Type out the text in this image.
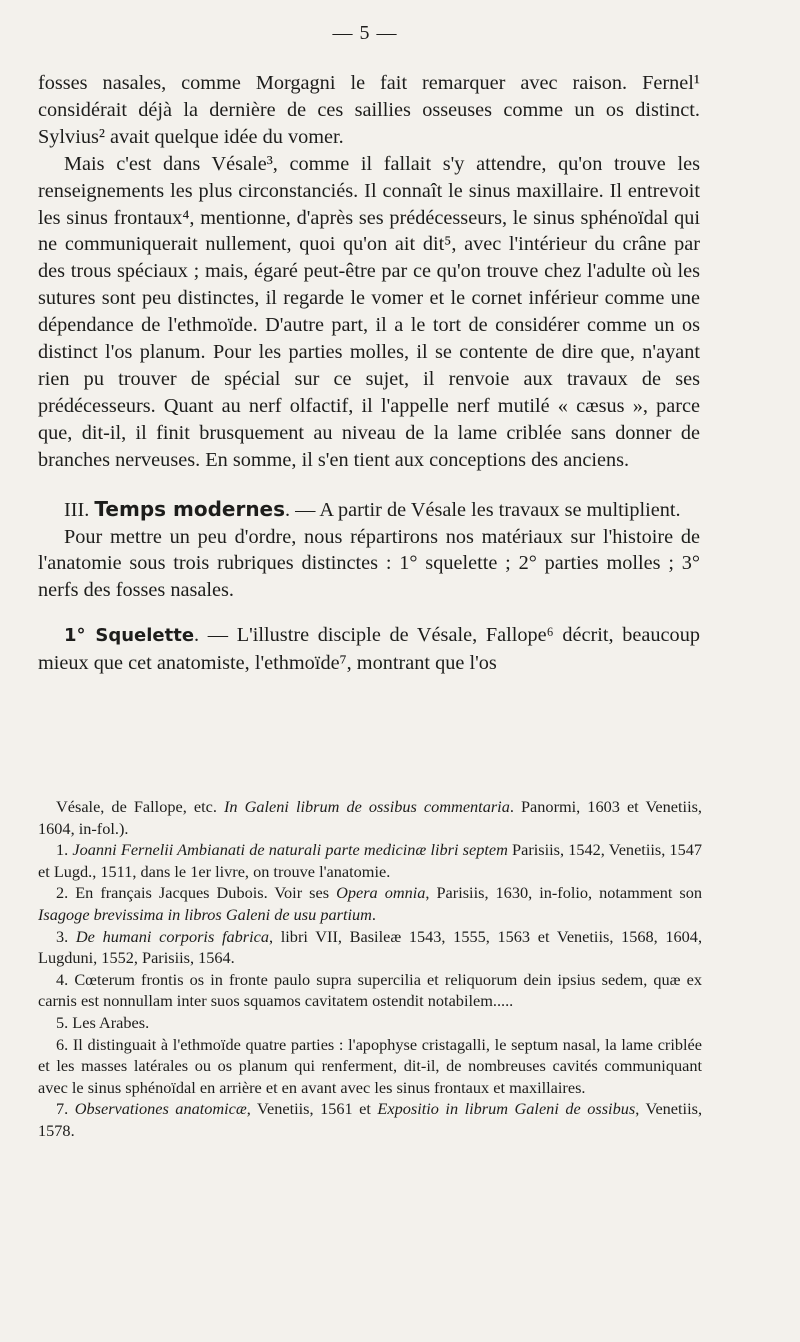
— 5 —

fosses nasales, comme Morgagni le fait remarquer avec raison. Fernel¹ considérait déjà la dernière de ces saillies osseuses comme un os distinct. Sylvius² avait quelque idée du vomer.

Mais c'est dans Vésale³, comme il fallait s'y attendre, qu'on trouve les renseignements les plus circonstanciés. Il connaît le sinus maxillaire. Il entrevoit les sinus frontaux⁴, mentionne, d'après ses prédécesseurs, le sinus sphénoïdal qui ne communiquerait nullement, quoi qu'on ait dit⁵, avec l'intérieur du crâne par des trous spéciaux ; mais, égaré peut-être par ce qu'on trouve chez l'adulte où les sutures sont peu distinctes, il regarde le vomer et le cornet inférieur comme une dépendance de l'ethmoïde. D'autre part, il a le tort de considérer comme un os distinct l'os planum. Pour les parties molles, il se contente de dire que, n'ayant rien pu trouver de spécial sur ce sujet, il renvoie aux travaux de ses prédécesseurs. Quant au nerf olfactif, il l'appelle nerf mutilé « cæsus », parce que, dit-il, il finit brusquement au niveau de la lame criblée sans donner de branches nerveuses. En somme, il s'en tient aux conceptions des anciens.

III. Temps modernes. — A partir de Vésale les travaux se multiplient.

Pour mettre un peu d'ordre, nous répartirons nos matériaux sur l'histoire de l'anatomie sous trois rubriques distinctes : 1° squelette ; 2° parties molles ; 3° nerfs des fosses nasales.

1° Squelette. — L'illustre disciple de Vésale, Fallope⁶ décrit, beaucoup mieux que cet anatomiste, l'ethmoïde⁷, montrant que l'os

Vésale, de Fallope, etc. In Galeni librum de ossibus commentaria. Panormi, 1603 et Venetiis, 1604, in-fol.).

1. Joanni Fernelii Ambianati de naturali parte medicinæ libri septem Parisiis, 1542, Venetiis, 1547 et Lugd., 1511, dans le 1er livre, on trouve l'anatomie.

2. En français Jacques Dubois. Voir ses Opera omnia, Parisiis, 1630, in-folio, notamment son Isagoge brevissima in libros Galeni de usu partium.

3. De humani corporis fabrica, libri VII, Basileæ 1543, 1555, 1563 et Venetiis, 1568, 1604, Lugduni, 1552, Parisiis, 1564.

4. Cœterum frontis os in fronte paulo supra supercilia et reliquorum dein ipsius sedem, quæ ex carnis est nonnullam inter suos squamos cavitatem ostendit notabilem.....

5. Les Arabes.

6. Il distinguait à l'ethmoïde quatre parties : l'apophyse cristagalli, le septum nasal, la lame criblée et les masses latérales ou os planum qui renferment, dit-il, de nombreuses cavités communiquant avec le sinus sphénoïdal en arrière et en avant avec les sinus frontaux et maxillaires.

7. Observationes anatomicæ, Venetiis, 1561 et Expositio in librum Galeni de ossibus, Venetiis, 1578.
